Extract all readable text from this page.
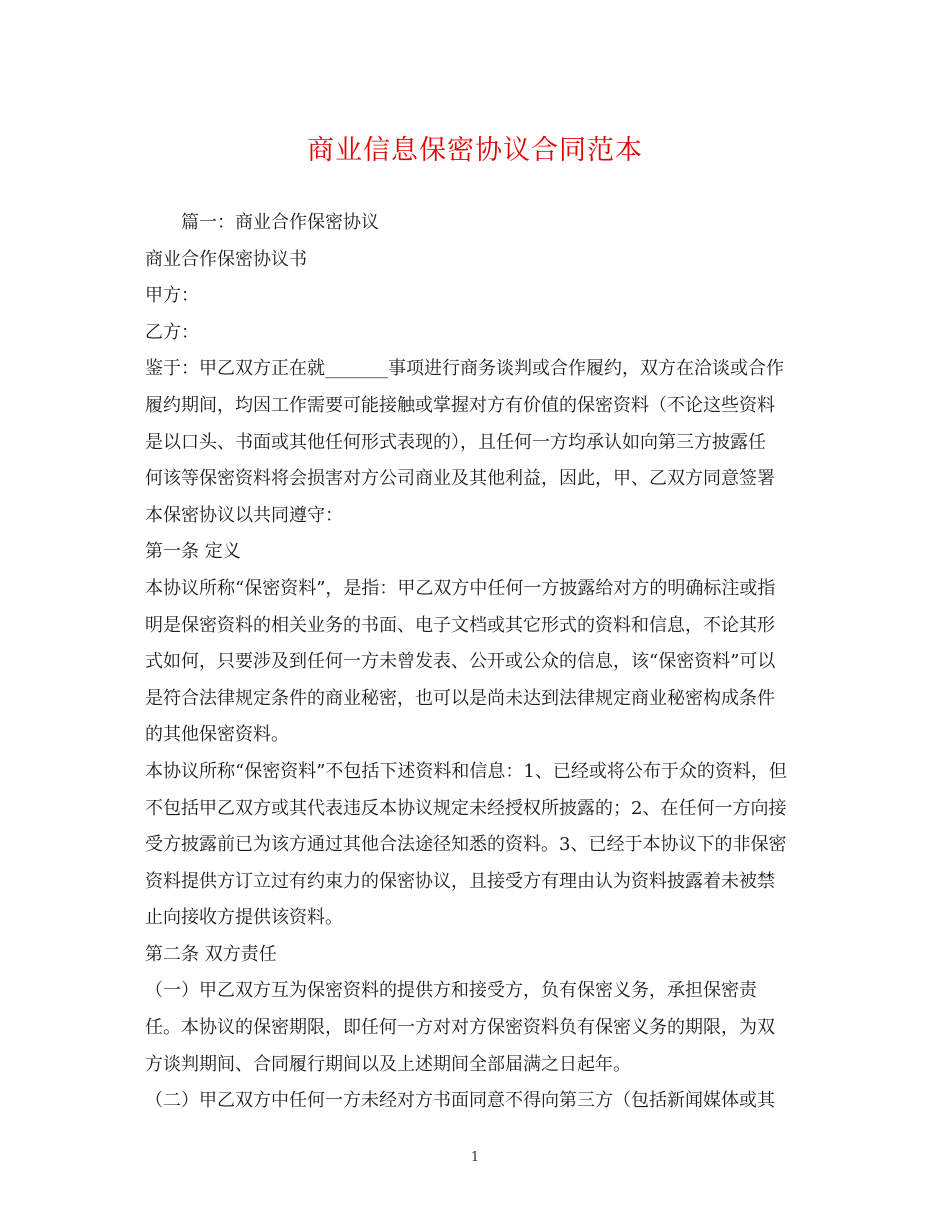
商业信息保密协议合同范本
篇一：商业合作保密协议
商业合作保密协议书
甲方：
乙方：
鉴于：甲乙双方正在就_______事项进行商务谈判或合作履约，双方在洽谈或合作
履约期间，均因工作需要可能接触或掌握对方有价值的保密资料（不论这些资料
是以口头、书面或其他任何形式表现的），且任何一方均承认如向第三方披露任
何该等保密资料将会损害对方公司商业及其他利益，因此，甲、乙双方同意签署
本保密协议以共同遵守：
第一条 定义
本协议所称“保密资料”，是指：甲乙双方中任何一方披露给对方的明确标注或指
明是保密资料的相关业务的书面、电子文档或其它形式的资料和信息，不论其形
式如何，只要涉及到任何一方未曾发表、公开或公众的信息，该“保密资料”可以
是符合法律规定条件的商业秘密，也可以是尚未达到法律规定商业秘密构成条件
的其他保密资料。
本协议所称“保密资料”不包括下述资料和信息：1、已经或将公布于众的资料，但
不包括甲乙双方或其代表违反本协议规定未经授权所披露的；2、在任何一方向接
受方披露前已为该方通过其他合法途径知悉的资料。3、已经于本协议下的非保密
资料提供方订立过有约束力的保密协议，且接受方有理由认为资料披露着未被禁
止向接收方提供该资料。
第二条 双方责任
（一）甲乙双方互为保密资料的提供方和接受方，负有保密义务，承担保密责
任。本协议的保密期限，即任何一方对对方保密资料负有保密义务的期限，为双
方谈判期间、合同履行期间以及上述期间全部届满之日起年。
（二）甲乙双方中任何一方未经对方书面同意不得向第三方（包括新闻媒体或其
1
